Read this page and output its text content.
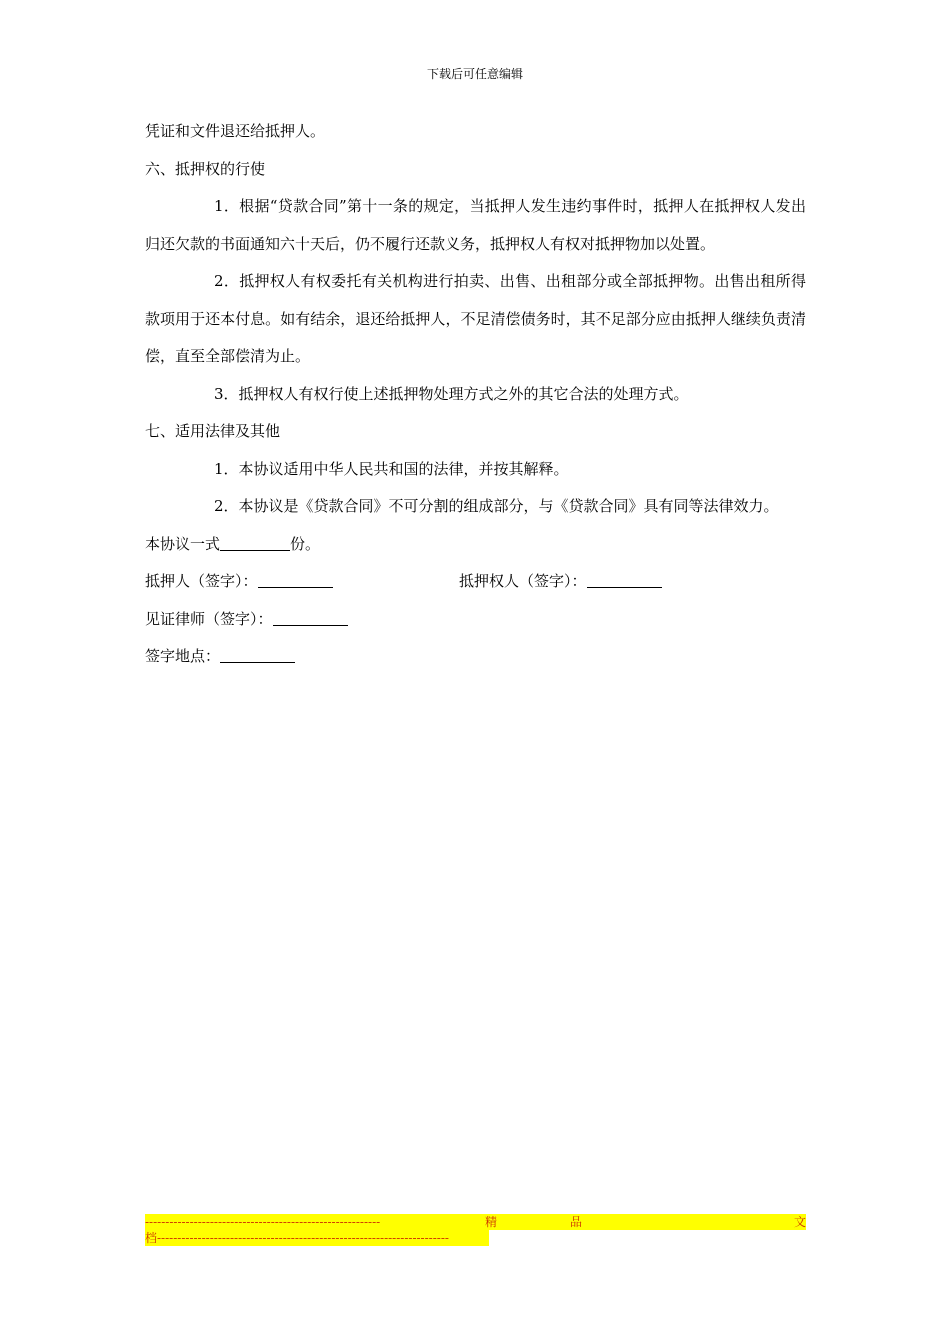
下载后可任意编辑

凭证和文件退还给抵押人。

六、抵押权的行使

1．根据“贷款合同”第十一条的规定，当抵押人发生违约事件时，抵押人在抵押权人发出归还欠款的书面通知六十天后，仍不履行还款义务，抵押权人有权对抵押物加以处置。

2．抵押权人有权委托有关机构进行拍卖、出售、出租部分或全部抵押物。出售出租所得款项用于还本付息。如有结余，退还给抵押人，不足清偿债务时，其不足部分应由抵押人继续负责清偿，直至全部偿清为止。

3．抵押权人有权行使上述抵押物处理方式之外的其它合法的处理方式。

七、适用法律及其他

1．本协议适用中华人民共和国的法律，并按其解释。

2．本协议是《贷款合同》不可分割的组成部分，与《贷款合同》具有同等法律效力。

本协议一式	份。

抵押人（签字）：	抵押权人（签字）：
见证律师（签字）：
签字地点：
----------------------------------------------------------	精	品	文
档------------------------------------------------------------------------
